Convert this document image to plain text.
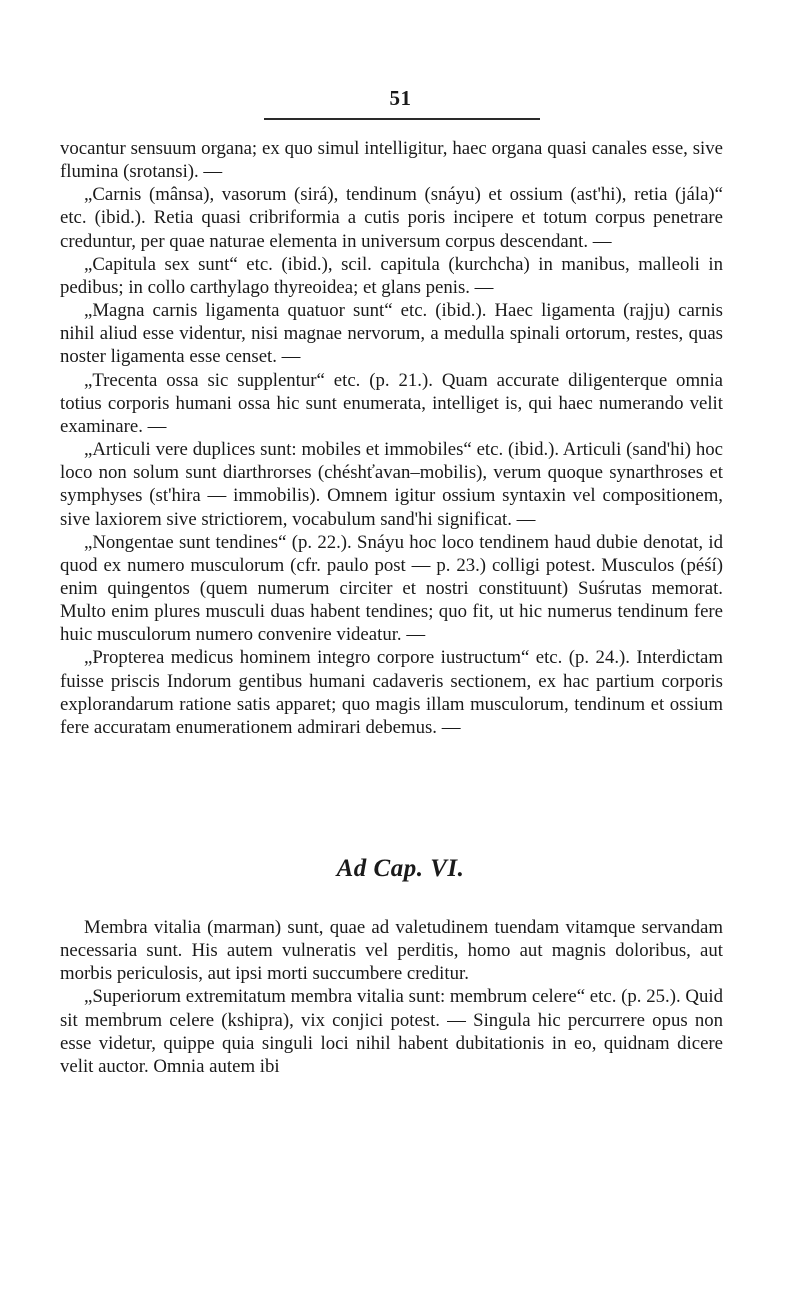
51

vocantur sensuum organa; ex quo simul intelligitur, haec organa quasi canales esse, sive flumina (srotansi). —

„Carnis (mânsa), vasorum (sirá), tendinum (snáyu) et ossium (ast'hi), retia (jála)“ etc. (ibid.). Retia quasi cribriformia a cutis poris incipere et totum corpus penetrare creduntur, per quae naturae elementa in universum corpus descendant. —

„Capitula sex sunt“ etc. (ibid.), scil. capitula (kurchcha) in manibus, malleoli in pedibus; in collo carthylago thyreoidea; et glans penis. —

„Magna carnis ligamenta quatuor sunt“ etc. (ibid.). Haec ligamenta (rajju) carnis nihil aliud esse videntur, nisi magnae nervorum, a medulla spinali ortorum, restes, quas noster ligamenta esse censet. —

„Trecenta ossa sic supplentur“ etc. (p. 21.). Quam accurate diligenterque omnia totius corporis humani ossa hic sunt enumerata, intelliget is, qui haec numerando velit examinare. —

„Articuli vere duplices sunt: mobiles et immobiles“ etc. (ibid.). Articuli (sand'hi) hoc loco non solum sunt diarthrorses (chéshťavan–mobilis), verum quoque synarthroses et symphyses (st'hira — immobilis). Omnem igitur ossium syntaxin vel compositionem, sive laxiorem sive strictiorem, vocabulum sand'hi significat. —

„Nongentae sunt tendines“ (p. 22.). Snáyu hoc loco tendinem haud dubie denotat, id quod ex numero musculorum (cfr. paulo post — p. 23.) colligi potest. Musculos (péśí) enim quingentos (quem numerum circiter et nostri constituunt) Suśrutas memorat. Multo enim plures musculi duas habent tendines; quo fit, ut hic numerus tendinum fere huic musculorum numero convenire videatur. —

„Propterea medicus hominem integro corpore iustructum“ etc. (p. 24.). Interdictam fuisse priscis Indorum gentibus humani cadaveris sectionem, ex hac partium corporis explorandarum ratione satis apparet; quo magis illam musculorum, tendinum et ossium fere accuratam enumerationem admirari debemus. —

Ad Cap. VI.

Membra vitalia (marman) sunt, quae ad valetudinem tuendam vitamque servandam necessaria sunt. His autem vulneratis vel perditis, homo aut magnis doloribus, aut morbis periculosis, aut ipsi morti succumbere creditur.

„Superiorum extremitatum membra vitalia sunt: membrum celere“ etc. (p. 25.). Quid sit membrum celere (kshipra), vix conjici potest. — Singula hic percurrere opus non esse videtur, quippe quia singuli loci nihil habent dubitationis in eo, quidnam dicere velit auctor. Omnia autem ibi
